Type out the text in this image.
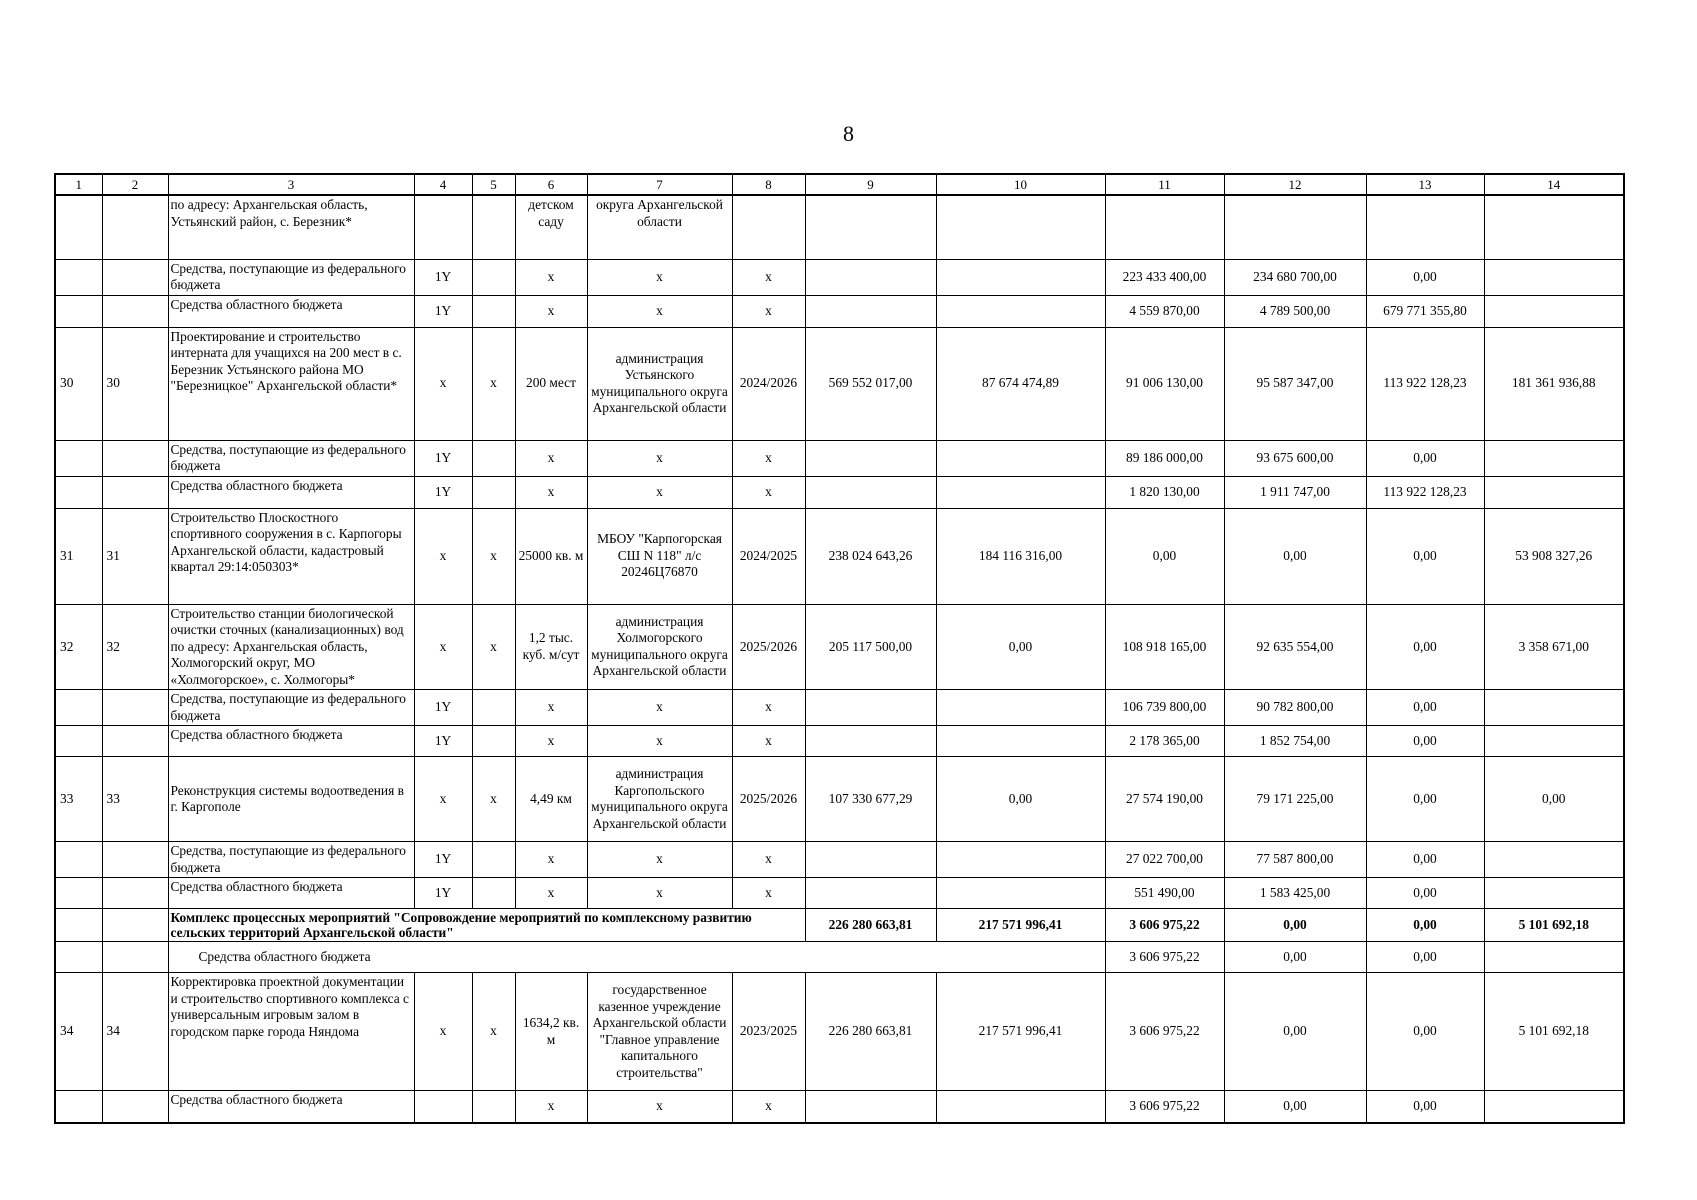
8
1	2	3	4	5	6	7	8	9	10	11	12	13	14
		по адресу: Архангельская область, Устьянский район, с. Березник*			детском саду	округа Архангельской области							
		Средства, поступающие из федерального бюджета	1Y		x	x	x			223 433 400,00	234 680 700,00	0,00	
		Средства областного бюджета	1Y		x	x	x			4 559 870,00	4 789 500,00	679 771 355,80	
30	30	Проектирование и строительство интерната для учащихся на 200 мест в с. Березник Устьянского района МО "Березницкое" Архангельской области*	x	x	200 мест	администрация Устьянского муниципального округа Архангельской области	2024/2026	569 552 017,00	87 674 474,89	91 006 130,00	95 587 347,00	113 922 128,23	181 361 936,88
		Средства, поступающие из федерального бюджета	1Y		x	x	x			89 186 000,00	93 675 600,00	0,00	
		Средства областного бюджета	1Y		x	x	x			1 820 130,00	1 911 747,00	113 922 128,23	
31	31	Строительство Плоскостного спортивного сооружения в с. Карпогоры Архангельской области, кадастровый квартал 29:14:050303*	x	x	25000 кв. м	МБОУ "Карпогорская СШ N 118" л/с 20246Ц76870	2024/2025	238 024 643,26	184 116 316,00	0,00	0,00	0,00	53 908 327,26
32	32	Строительство станции биологической очистки сточных (канализационных) вод по адресу: Архангельская область, Холмогорский округ, МО «Холмогорское», с. Холмогоры*	x	x	1,2 тыс. куб. м/сут	администрация Холмогорского муниципального округа Архангельской области	2025/2026	205 117 500,00	0,00	108 918 165,00	92 635 554,00	0,00	3 358 671,00
		Средства, поступающие из федерального бюджета	1Y		x	x	x			106 739 800,00	90 782 800,00	0,00	
		Средства областного бюджета	1Y		x	x	x			2 178 365,00	1 852 754,00	0,00	
33	33	Реконструкция системы водоотведения в г. Каргополе	x	x	4,49 км	администрация Каргопольского муниципального округа Архангельской области	2025/2026	107 330 677,29	0,00	27 574 190,00	79 171 225,00	0,00	0,00
		Средства, поступающие из федерального бюджета	1Y		x	x	x			27 022 700,00	77 587 800,00	0,00	
		Средства областного бюджета	1Y		x	x	x			551 490,00	1 583 425,00	0,00	
		Комплекс процессных мероприятий "Сопровождение мероприятий по комплексному развитию сельских территорий Архангельской области"						226 280 663,81	217 571 996,41	3 606 975,22	0,00	0,00	5 101 692,18
		Средства областного бюджета								3 606 975,22	0,00	0,00	
34	34	Корректировка проектной документации и строительство спортивного комплекса с универсальным игровым залом в городском парке города Няндома	x	x	1634,2 кв. м	государственное казенное учреждение Архангельской области "Главное управление капитального строительства"	2023/2025	226 280 663,81	217 571 996,41	3 606 975,22	0,00	0,00	5 101 692,18
		Средства областного бюджета			x	x	x			3 606 975,22	0,00	0,00	
